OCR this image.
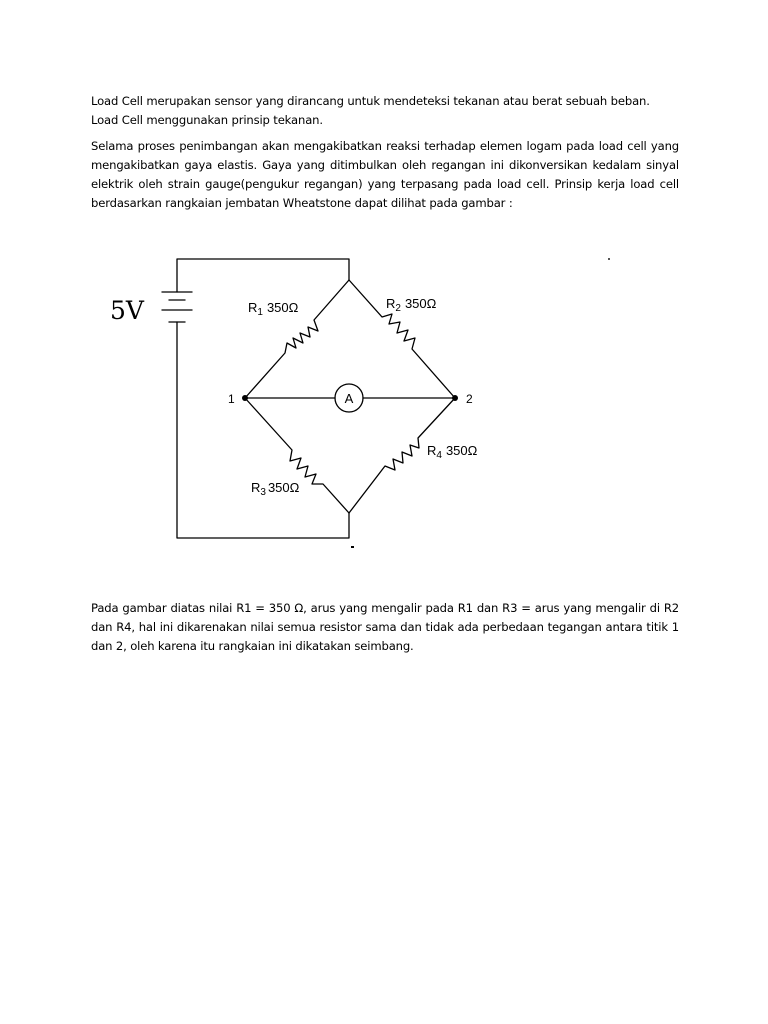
Load Cell merupakan sensor yang dirancang untuk mendeteksi tekanan atau berat sebuah beban. Load Cell menggunakan prinsip tekanan.

Selama proses penimbangan akan mengakibatkan reaksi terhadap elemen logam pada load cell yang mengakibatkan gaya elastis. Gaya yang ditimbulkan oleh regangan ini dikonversikan kedalam sinyal elektrik oleh strain gauge(pengukur regangan) yang terpasang pada load cell. Prinsip kerja load cell berdasarkan rangkaian jembatan Wheatstone dapat dilihat pada gambar :

5V	$R_1$ 350Ω	$R_2$ 350Ω
$R_3$ 350Ω
$R_4$ 350Ω
A
1	2

Pada gambar diatas nilai R1 = 350 Ω, arus yang mengalir pada R1 dan R3 = arus yang mengalir di R2 dan R4, hal ini dikarenakan nilai semua resistor sama dan tidak ada perbedaan tegangan antara titik 1 dan 2, oleh karena itu rangkaian ini dikatakan seimbang.
